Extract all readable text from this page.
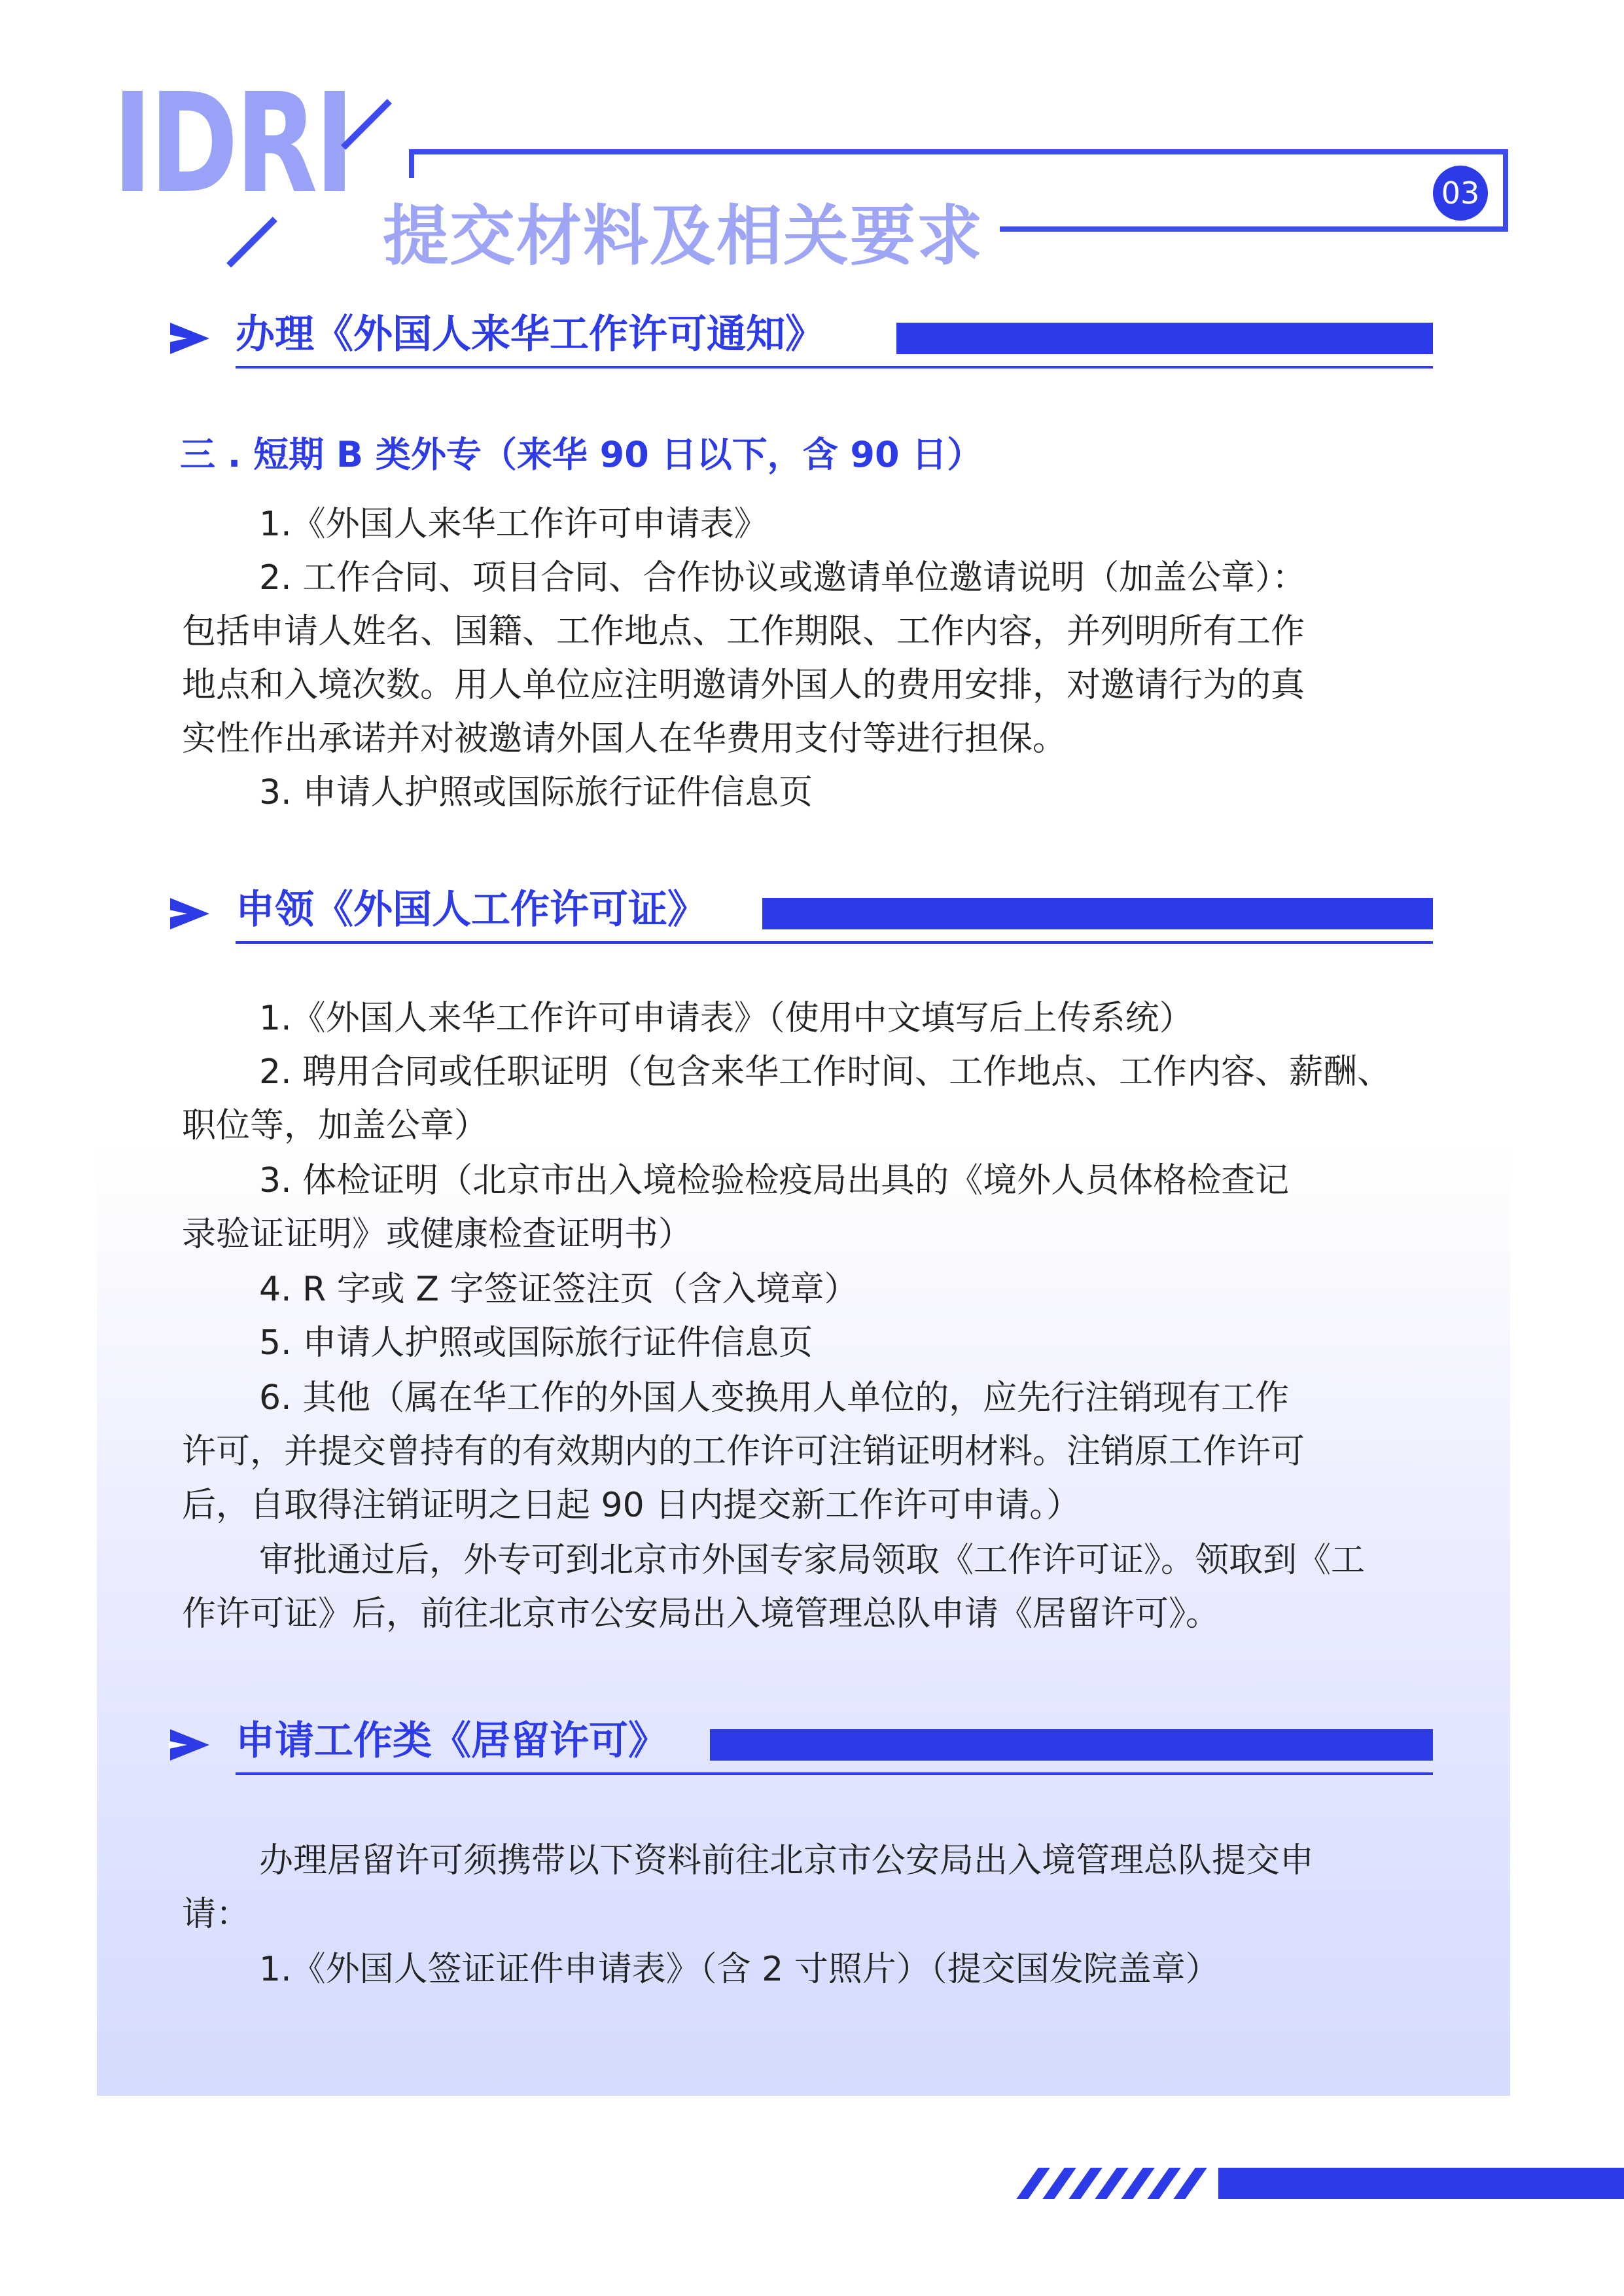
IDRI	03
提交材料及相关要求
办理《外国人来华工作许可通知》
三 . 短期 B 类外专（来华 90 日以下，含 90 日）
1.《外国人来华工作许可申请表》
2. 工作合同、项目合同、合作协议或邀请单位邀请说明（加盖公章）：
包括申请人姓名、国籍、工作地点、工作期限、工作内容，并列明所有工作
地点和入境次数。用人单位应注明邀请外国人的费用安排，对邀请行为的真
实性作出承诺并对被邀请外国人在华费用支付等进行担保。
3. 申请人护照或国际旅行证件信息页
申领《外国人工作许可证》
1.《外国人来华工作许可申请表》（使用中文填写后上传系统）
2. 聘用合同或任职证明（包含来华工作时间、工作地点、工作内容、薪酬、
职位等，加盖公章）
3. 体检证明（北京市出入境检验检疫局出具的《境外人员体格检查记
录验证证明》或健康检查证明书）
4. R 字或 Z 字签证签注页（含入境章）
5. 申请人护照或国际旅行证件信息页
6. 其他（属在华工作的外国人变换用人单位的，应先行注销现有工作
许可，并提交曾持有的有效期内的工作许可注销证明材料。注销原工作许可
后，自取得注销证明之日起 90 日内提交新工作许可申请。）
审批通过后，外专可到北京市外国专家局领取《工作许可证》。领取到《工
作许可证》后，前往北京市公安局出入境管理总队申请《居留许可》。
申请工作类《居留许可》
办理居留许可须携带以下资料前往北京市公安局出入境管理总队提交申
请：
1.《外国人签证证件申请表》（含 2 寸照片）（提交国发院盖章）
